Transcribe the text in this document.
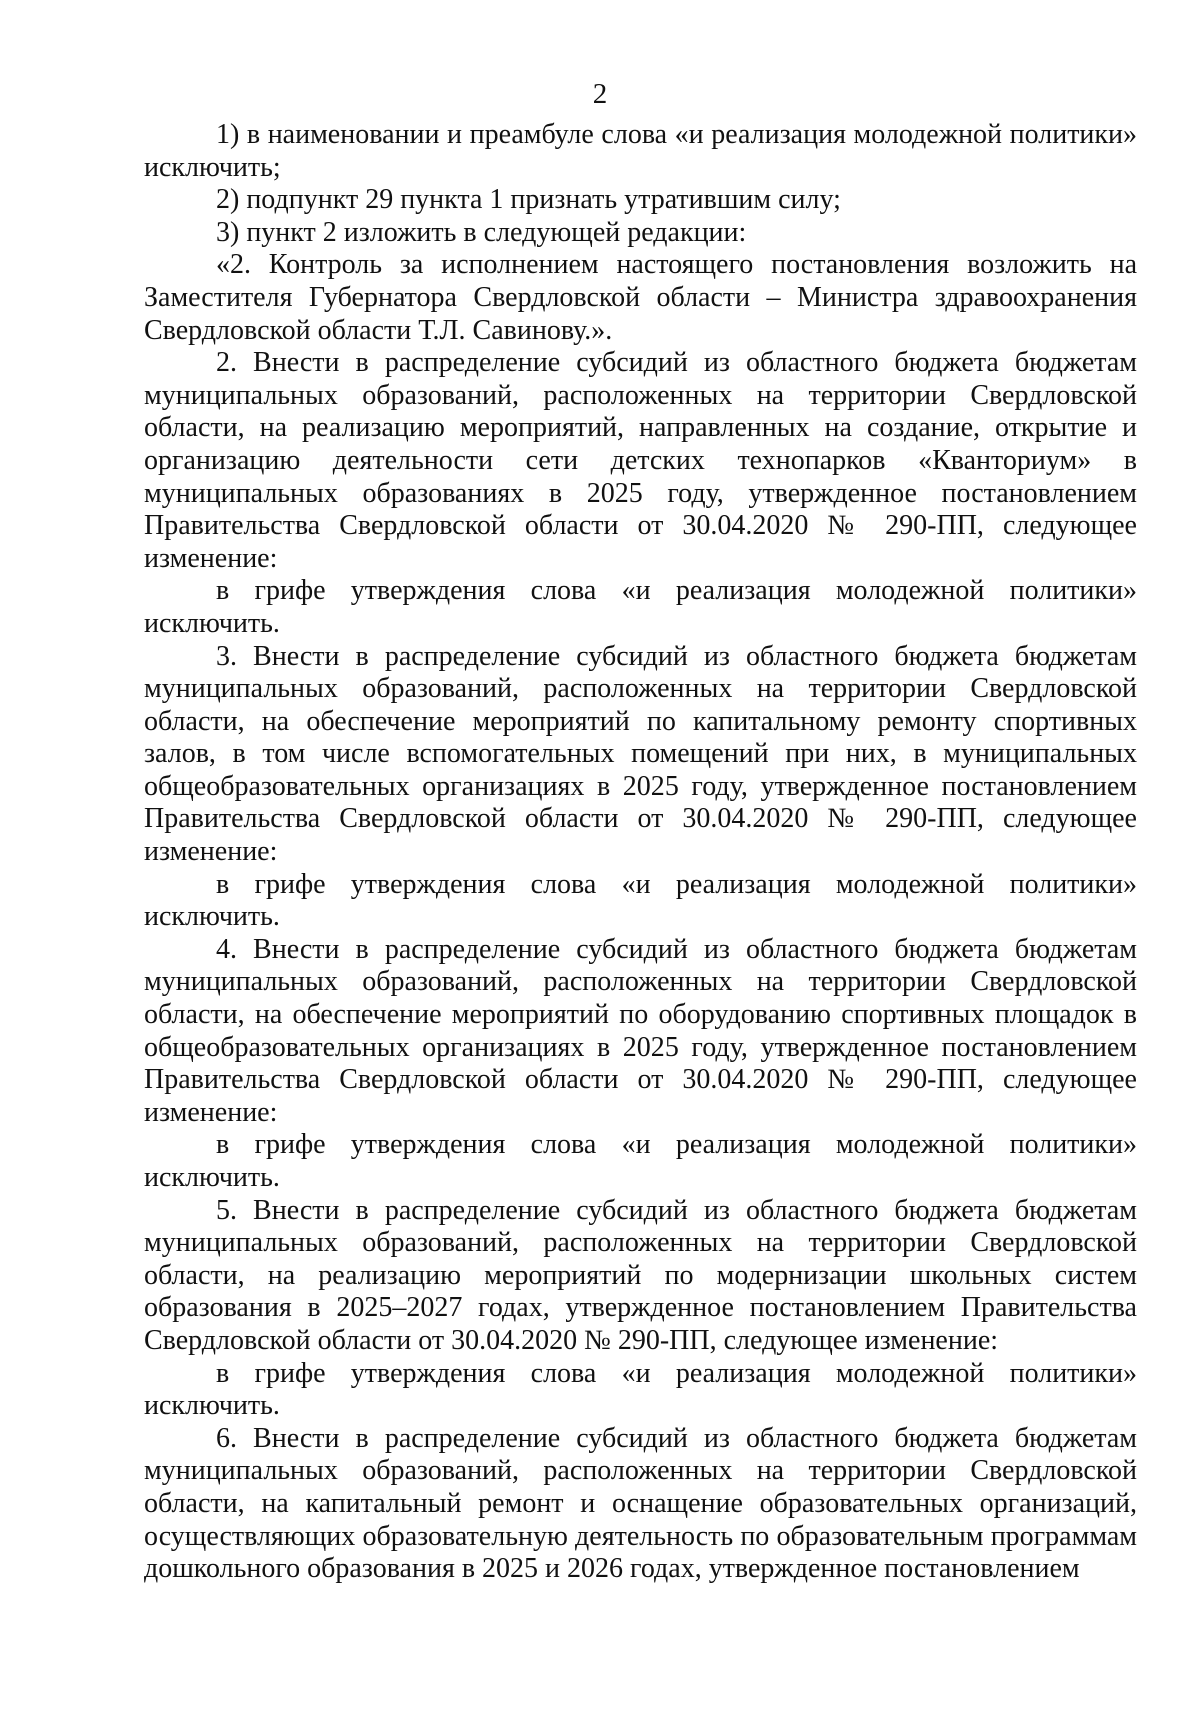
2

1) в наименовании и преамбуле слова «и реализация молодежной политики» исключить;

2) подпункт 29 пункта 1 признать утратившим силу;

3) пункт 2 изложить в следующей редакции:

«2. Контроль за исполнением настоящего постановления возложить на Заместителя Губернатора Свердловской области – Министра здравоохранения Свердловской области Т.Л. Савинову.».

2. Внести в распределение субсидий из областного бюджета бюджетам муниципальных образований, расположенных на территории Свердловской области, на реализацию мероприятий, направленных на создание, открытие и организацию деятельности сети детских технопарков «Кванториум» в муниципальных образованиях в 2025 году, утвержденное постановлением Правительства Свердловской области от 30.04.2020 № 290-ПП, следующее изменение:

в грифе утверждения слова «и реализация молодежной политики» исключить.

3. Внести в распределение субсидий из областного бюджета бюджетам муниципальных образований, расположенных на территории Свердловской области, на обеспечение мероприятий по капитальному ремонту спортивных залов, в том числе вспомогательных помещений при них, в муниципальных общеобразовательных организациях в 2025 году, утвержденное постановлением Правительства Свердловской области от 30.04.2020 № 290-ПП, следующее изменение:

в грифе утверждения слова «и реализация молодежной политики» исключить.

4. Внести в распределение субсидий из областного бюджета бюджетам муниципальных образований, расположенных на территории Свердловской области, на обеспечение мероприятий по оборудованию спортивных площадок в общеобразовательных организациях в 2025 году, утвержденное постановлением Правительства Свердловской области от 30.04.2020 № 290-ПП, следующее изменение:

в грифе утверждения слова «и реализация молодежной политики» исключить.

5. Внести в распределение субсидий из областного бюджета бюджетам муниципальных образований, расположенных на территории Свердловской области, на реализацию мероприятий по модернизации школьных систем образования в 2025–2027 годах, утвержденное постановлением Правительства Свердловской области от 30.04.2020 № 290-ПП, следующее изменение:

в грифе утверждения слова «и реализация молодежной политики» исключить.

6. Внести в распределение субсидий из областного бюджета бюджетам муниципальных образований, расположенных на территории Свердловской области, на капитальный ремонт и оснащение образовательных организаций, осуществляющих образовательную деятельность по образовательным программам дошкольного образования в 2025 и 2026 годах, утвержденное постановлением
